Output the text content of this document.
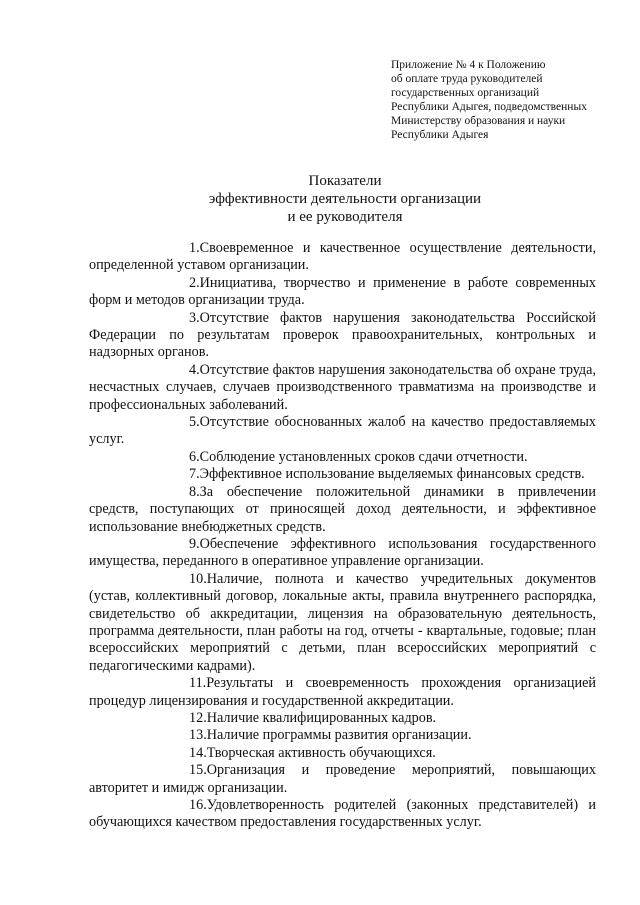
Приложение № 4 к Положению
об оплате труда руководителей
государственных организаций
Республики Адыгея, подведомственных
Министерству образования и науки
Республики Адыгея
Показатели
эффективности деятельности организации
и ее руководителя

1.Своевременное и качественное осуществление деятельности, определенной уставом организации.

2.Инициатива, творчество и применение в работе современных форм и методов организации труда.

3.Отсутствие фактов нарушения законодательства Российской Федерации по результатам проверок правоохранительных, контрольных и надзорных органов.

4.Отсутствие фактов нарушения законодательства об охране труда, несчастных случаев, случаев производственного травматизма на производстве и профессиональных заболеваний.

5.Отсутствие обоснованных жалоб на качество предоставляемых услуг.

6.Соблюдение установленных сроков сдачи отчетности.

7.Эффективное использование выделяемых финансовых средств.

8.За обеспечение положительной динамики в привлечении средств, поступающих от приносящей доход деятельности, и эффективное использование внебюджетных средств.

9.Обеспечение эффективного использования государственного имущества, переданного в оперативное управление организации.

10.Наличие, полнота и качество учредительных документов (устав, коллективный договор, локальные акты, правила внутреннего распорядка, свидетельство об аккредитации, лицензия на образовательную деятельность, программа деятельности, план работы на год, отчеты - квартальные, годовые; план всероссийских мероприятий с детьми, план всероссийских мероприятий с педагогическими кадрами).

11.Результаты и своевременность прохождения организацией процедур лицензирования и государственной аккредитации.

12.Наличие квалифицированных кадров.

13.Наличие программы развития организации.

14.Творческая активность обучающихся.

15.Организация и проведение мероприятий, повышающих авторитет и имидж организации.

16.Удовлетворенность родителей (законных представителей) и обучающихся качеством предоставления государственных услуг.
